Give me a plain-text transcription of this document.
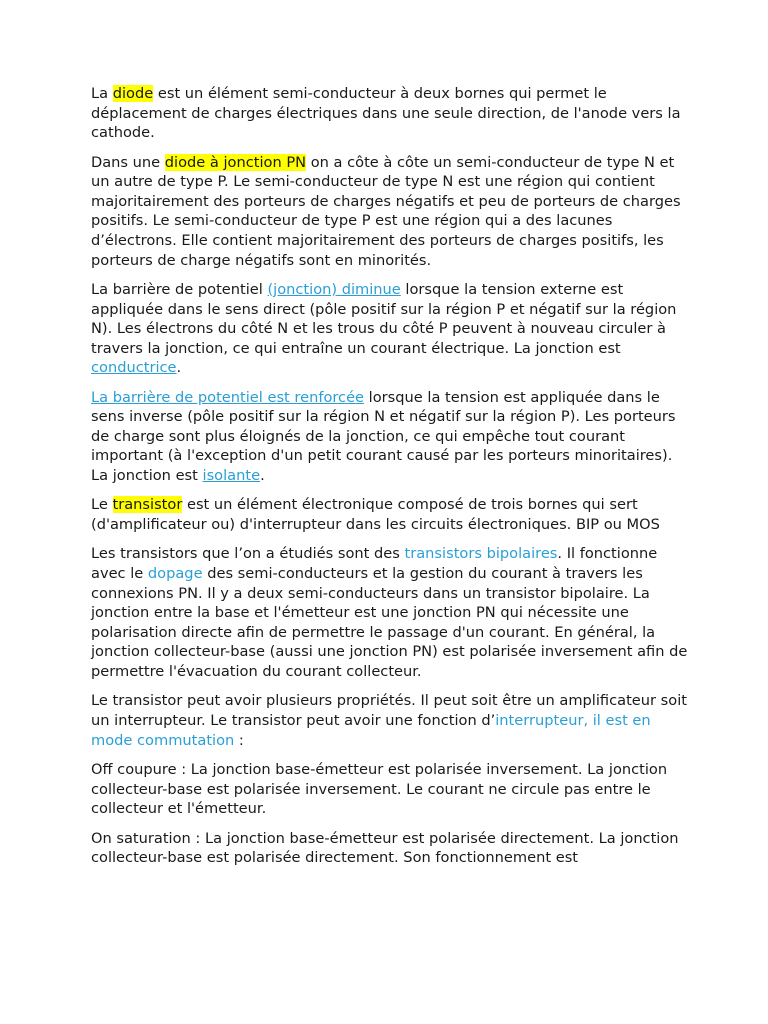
La diode est un élément semi-conducteur à deux bornes qui permet le déplacement de charges électriques dans une seule direction, de l'anode vers la cathode.

Dans une diode à jonction PN on a côte à côte un semi-conducteur de type N et un autre de type P. Le semi-conducteur de type N est une région qui contient majoritairement des porteurs de charges négatifs et peu de porteurs de charges positifs. Le semi-conducteur de type P est une région qui a des lacunes d’électrons. Elle contient majoritairement des porteurs de charges positifs, les porteurs de charge négatifs sont en minorités.

La barrière de potentiel (jonction) diminue lorsque la tension externe est appliquée dans le sens direct (pôle positif sur la région P et négatif sur la région N). Les électrons du côté N et les trous du côté P peuvent à nouveau circuler à travers la jonction, ce qui entraîne un courant électrique. La jonction est conductrice.

La barrière de potentiel est renforcée lorsque la tension est appliquée dans le sens inverse (pôle positif sur la région N et négatif sur la région P). Les porteurs de charge sont plus éloignés de la jonction, ce qui empêche tout courant important (à l'exception d'un petit courant causé par les porteurs minoritaires). La jonction est isolante.

Le transistor est un élément électronique composé de trois bornes qui sert (d'amplificateur ou) d'interrupteur dans les circuits électroniques. BIP ou MOS

Les transistors que l’on a étudiés sont des transistors bipolaires. Il fonctionne avec le dopage des semi-conducteurs et la gestion du courant à travers les connexions PN. Il y a deux semi-conducteurs dans un transistor bipolaire. La jonction entre la base et l'émetteur est une jonction PN qui nécessite une polarisation directe afin de permettre le passage d'un courant. En général, la jonction collecteur-base (aussi une jonction PN) est polarisée inversement afin de permettre l'évacuation du courant collecteur.

Le transistor peut avoir plusieurs propriétés. Il peut soit être un amplificateur soit un interrupteur. Le transistor peut avoir une fonction d’interrupteur, il est en mode commutation :

Off coupure : La jonction base-émetteur est polarisée inversement. La jonction collecteur-base est polarisée inversement. Le courant ne circule pas entre le collecteur et l'émetteur.

On saturation : La jonction base-émetteur est polarisée directement. La jonction collecteur-base est polarisée directement. Son fonctionnement est
